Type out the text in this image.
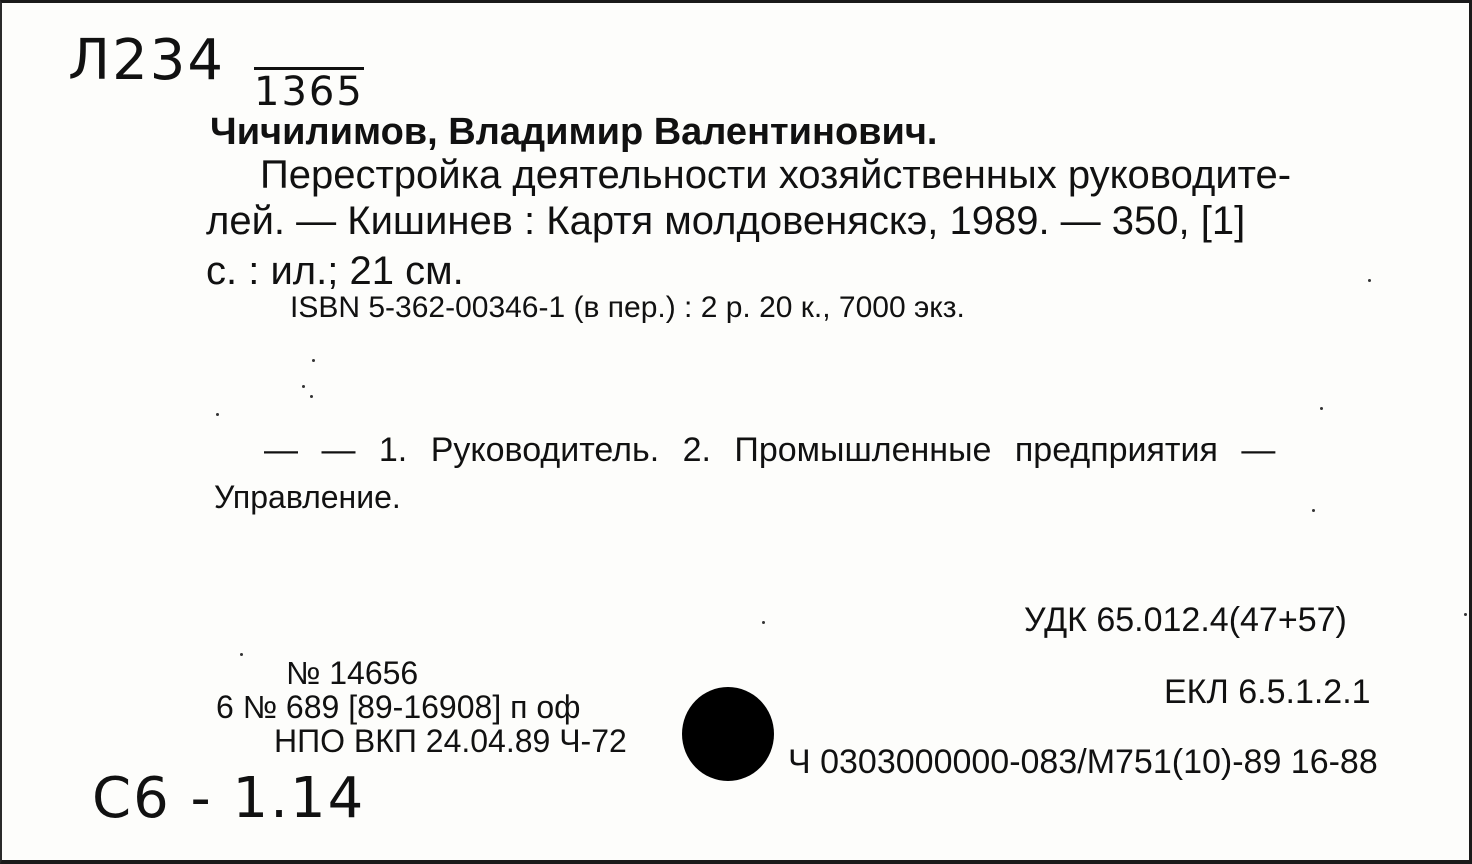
Л234 1365
Чичилимов, Владимир Валентинович.
Перестройка деятельности хозяйственных руководите-
лей. — Кишинев : Картя молдовеняскэ, 1989. — 350, [1]
с. : ил.; 21 см.
ISBN 5-362-00346-1 (в пер.) : 2 р. 20 к., 7000 экз.
— — 1. Руководитель. 2. Промышленные предприятия —
Управление.
УДК 65.012.4(47+57)
ЕКЛ 6.5.1.2.1
Ч 0303000000-083/М751(10)-89 16-88
№ 14656
6 № 689 [89-16908] п оф
НПО ВКП 24.04.89 Ч-72
С6 - 1.14
